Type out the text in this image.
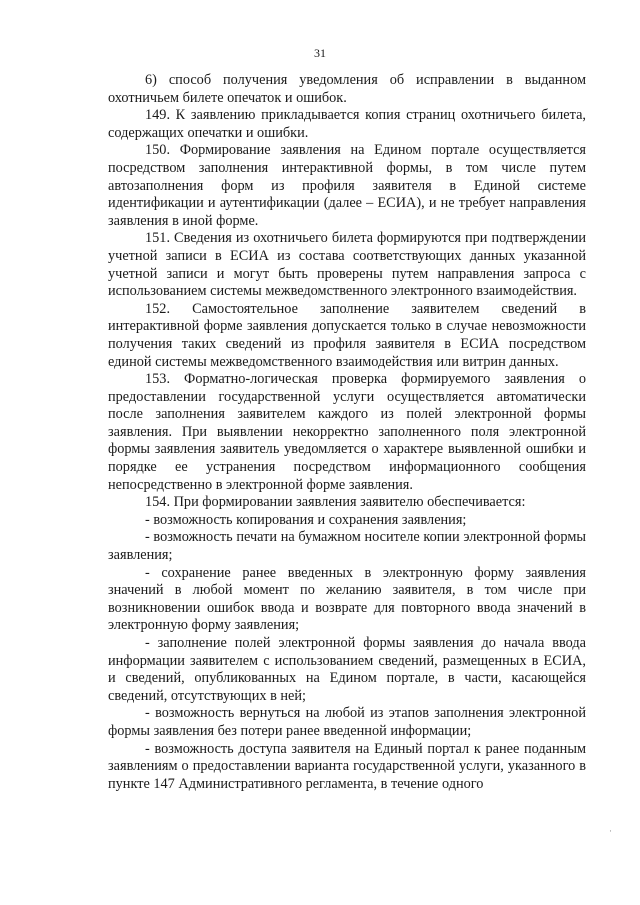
31

6) способ получения уведомления об исправлении в выданном охотничьем билете опечаток и ошибок.

149. К заявлению прикладывается копия страниц охотничьего билета, содержащих опечатки и ошибки.

150. Формирование заявления на Едином портале осуществляется посредством заполнения интерактивной формы, в том числе путем автозаполнения форм из профиля заявителя в Единой системе идентификации и аутентификации (далее – ЕСИА), и не требует направления заявления в иной форме.

151. Сведения из охотничьего билета формируются при подтверждении учетной записи в ЕСИА из состава соответствующих данных указанной учетной записи и могут быть проверены путем направления запроса с использованием системы межведомственного электронного взаимодействия.

152. Самостоятельное заполнение заявителем сведений в интерактивной форме заявления допускается только в случае невозможности получения таких сведений из профиля заявителя в ЕСИА посредством единой системы межведомственного взаимодействия или витрин данных.

153. Форматно-логическая проверка формируемого заявления о предоставлении государственной услуги осуществляется автоматически после заполнения заявителем каждого из полей электронной формы заявления. При выявлении некорректно заполненного поля электронной формы заявления заявитель уведомляется о характере выявленной ошибки и порядке ее устранения посредством информационного сообщения непосредственно в электронной форме заявления.

154. При формировании заявления заявителю обеспечивается:

- возможность копирования и сохранения заявления;

- возможность печати на бумажном носителе копии электронной формы заявления;

- сохранение ранее введенных в электронную форму заявления значений в любой момент по желанию заявителя, в том числе при возникновении ошибок ввода и возврате для повторного ввода значений в электронную форму заявления;

- заполнение полей электронной формы заявления до начала ввода информации заявителем с использованием сведений, размещенных в ЕСИА, и сведений, опубликованных на Едином портале, в части, касающейся сведений, отсутствующих в ней;

- возможность вернуться на любой из этапов заполнения электронной формы заявления без потери ранее введенной информации;

- возможность доступа заявителя на Единый портал к ранее поданным заявлениям о предоставлении варианта государственной услуги, указанного в пункте 147 Административного регламента, в течение одного

·
